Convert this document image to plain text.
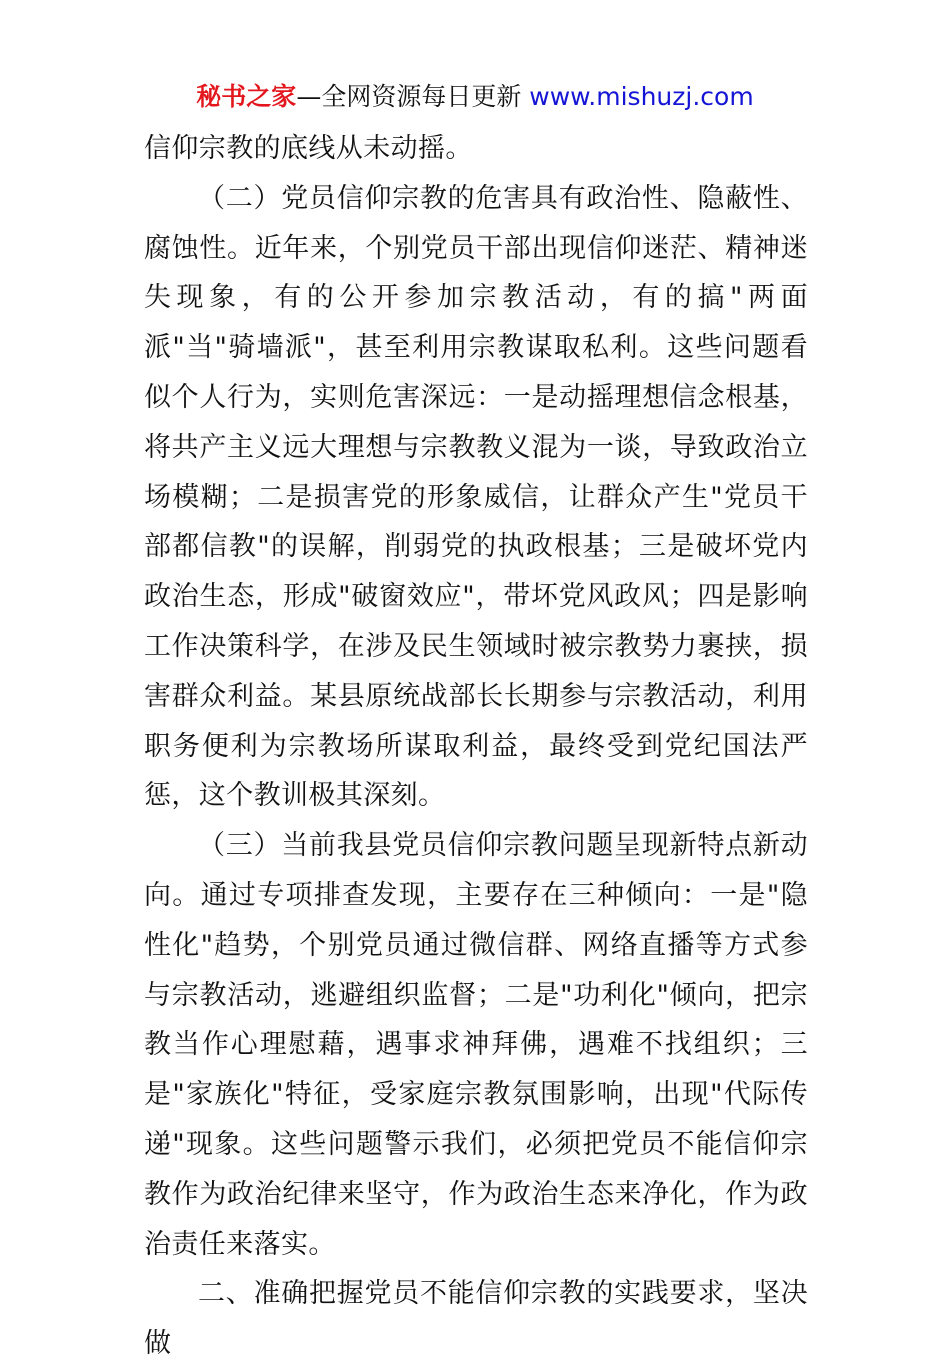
秘书之家—全网资源每日更新 www.mishuzj.com

信仰宗教的底线从未动摇。

（二）党员信仰宗教的危害具有政治性、隐蔽性、腐蚀性。近年来，个别党员干部出现信仰迷茫、精神迷失现象，有的公开参加宗教活动，有的搞"两面派"当"骑墙派"，甚至利用宗教谋取私利。这些问题看似个人行为，实则危害深远：一是动摇理想信念根基，将共产主义远大理想与宗教教义混为一谈，导致政治立场模糊；二是损害党的形象威信，让群众产生"党员干部都信教"的误解，削弱党的执政根基；三是破坏党内政治生态，形成"破窗效应"，带坏党风政风；四是影响工作决策科学，在涉及民生领域时被宗教势力裹挟，损害群众利益。某县原统战部长长期参与宗教活动，利用职务便利为宗教场所谋取利益，最终受到党纪国法严惩，这个教训极其深刻。

（三）当前我县党员信仰宗教问题呈现新特点新动向。通过专项排查发现，主要存在三种倾向：一是"隐性化"趋势，个别党员通过微信群、网络直播等方式参与宗教活动，逃避组织监督；二是"功利化"倾向，把宗教当作心理慰藉，遇事求神拜佛，遇难不找组织；三是"家族化"特征，受家庭宗教氛围影响，出现"代际传递"现象。这些问题警示我们，必须把党员不能信仰宗教作为政治纪律来坚守，作为政治生态来净化，作为政治责任来落实。

二、准确把握党员不能信仰宗教的实践要求，坚决做
